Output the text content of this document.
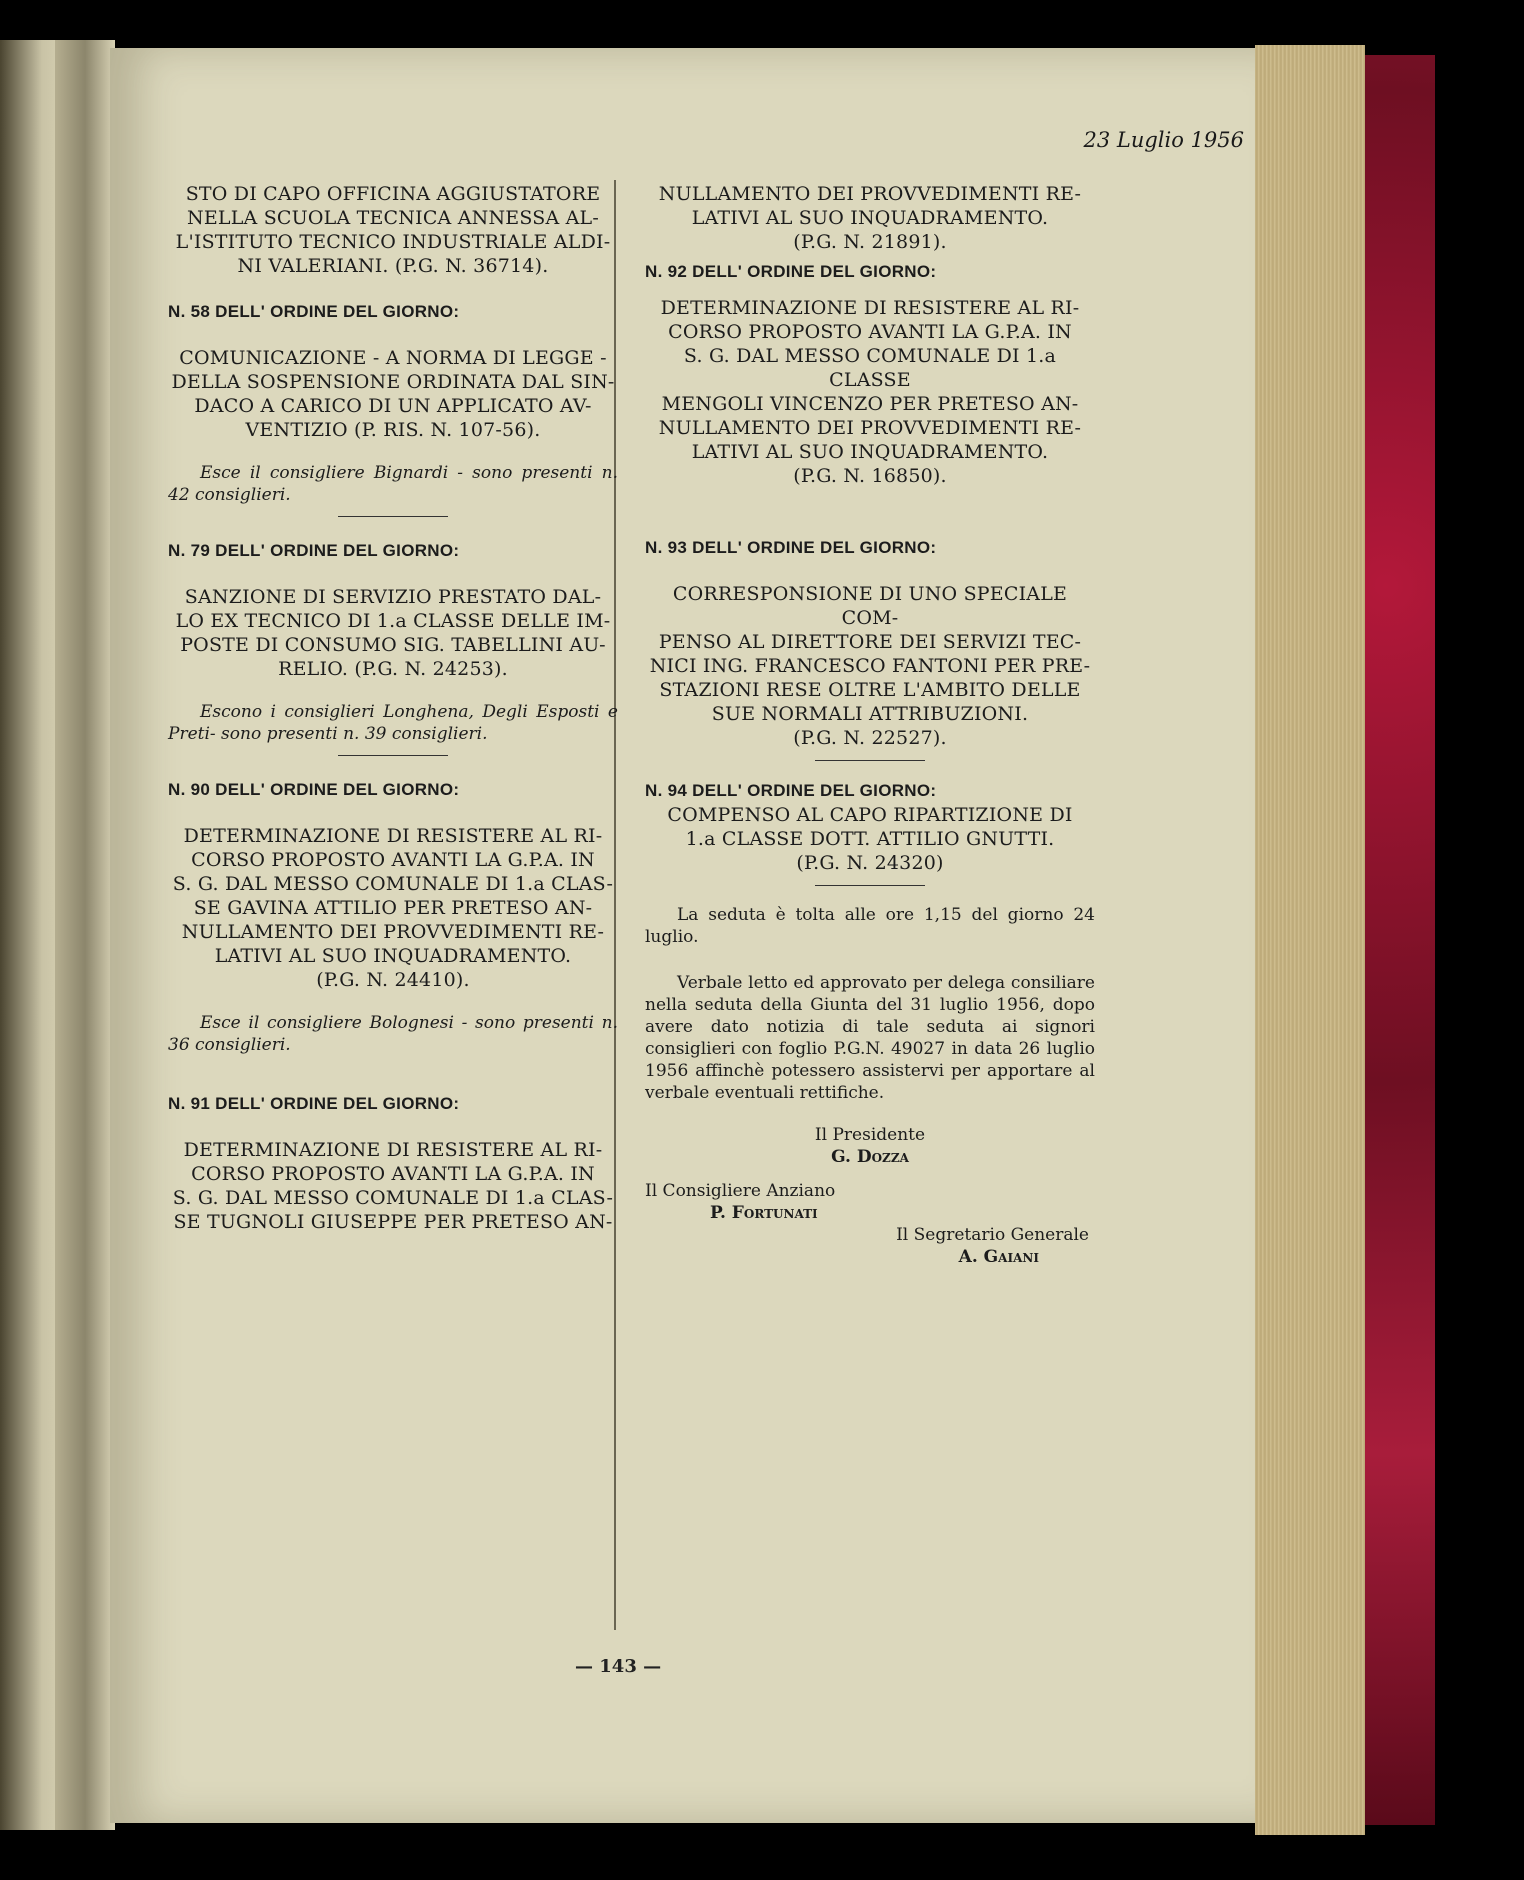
23 Luglio 1956

STO DI CAPO OFFICINA AGGIUSTATORE
NELLA SCUOLA TECNICA ANNESSA AL-
L'ISTITUTO TECNICO INDUSTRIALE ALDI-
NI VALERIANI. (P.G. N. 36714).

N. 58 DELL' ORDINE DEL GIORNO:

COMUNICAZIONE - A NORMA DI LEGGE -
DELLA SOSPENSIONE ORDINATA DAL SIN-
DACO A CARICO DI UN APPLICATO AV-
VENTIZIO (P. RIS. N. 107-56).

Esce il consigliere Bignardi - sono presenti n. 42 consiglieri.

N. 79 DELL' ORDINE DEL GIORNO:

SANZIONE DI SERVIZIO PRESTATO DAL-
LO EX TECNICO DI 1.a CLASSE DELLE IM-
POSTE DI CONSUMO SIG. TABELLINI AU-
RELIO. (P.G. N. 24253).

Escono i consiglieri Longhena, Degli Esposti e Preti- sono presenti n. 39 consiglieri.

N. 90 DELL' ORDINE DEL GIORNO:

DETERMINAZIONE DI RESISTERE AL RI-
CORSO PROPOSTO AVANTI LA G.P.A. IN
S. G. DAL MESSO COMUNALE DI 1.a CLAS-
SE GAVINA ATTILIO PER PRETESO AN-
NULLAMENTO DEI PROVVEDIMENTI RE-
LATIVI AL SUO INQUADRAMENTO.
(P.G. N. 24410).

Esce il consigliere Bolognesi - sono presenti n. 36 consiglieri.

N. 91 DELL' ORDINE DEL GIORNO:

DETERMINAZIONE DI RESISTERE AL RI-
CORSO PROPOSTO AVANTI LA G.P.A. IN
S. G. DAL MESSO COMUNALE DI 1.a CLAS-
SE TUGNOLI GIUSEPPE PER PRETESO AN-

NULLAMENTO DEI PROVVEDIMENTI RE-
LATIVI AL SUO INQUADRAMENTO.
(P.G. N. 21891).

N. 92 DELL' ORDINE DEL GIORNO:

DETERMINAZIONE DI RESISTERE AL RI-
CORSO PROPOSTO AVANTI LA G.P.A. IN
S. G. DAL MESSO COMUNALE DI 1.a CLASSE
MENGOLI VINCENZO PER PRETESO AN-
NULLAMENTO DEI PROVVEDIMENTI RE-
LATIVI AL SUO INQUADRAMENTO.
(P.G. N. 16850).

N. 93 DELL' ORDINE DEL GIORNO:

CORRESPONSIONE DI UNO SPECIALE COM-
PENSO AL DIRETTORE DEI SERVIZI TEC-
NICI ING. FRANCESCO FANTONI PER PRE-
STAZIONI RESE OLTRE L'AMBITO DELLE
SUE NORMALI ATTRIBUZIONI.
(P.G. N. 22527).

N. 94 DELL' ORDINE DEL GIORNO:

COMPENSO AL CAPO RIPARTIZIONE DI
1.a CLASSE DOTT. ATTILIO GNUTTI.
(P.G. N. 24320)

La seduta è tolta alle ore 1,15 del giorno 24 luglio.

Verbale letto ed approvato per delega consiliare nella seduta della Giunta del 31 luglio 1956, dopo avere dato notizia di tale seduta ai signori consiglieri con foglio P.G.N. 49027 in data 26 luglio 1956 affinchè potessero assistervi per apportare al verbale eventuali rettifiche.

Il Presidente
G. Dozza
Il Consigliere Anziano
P. Fortunati
Il Segretario Generale
A. Gaiani
— 143 —
